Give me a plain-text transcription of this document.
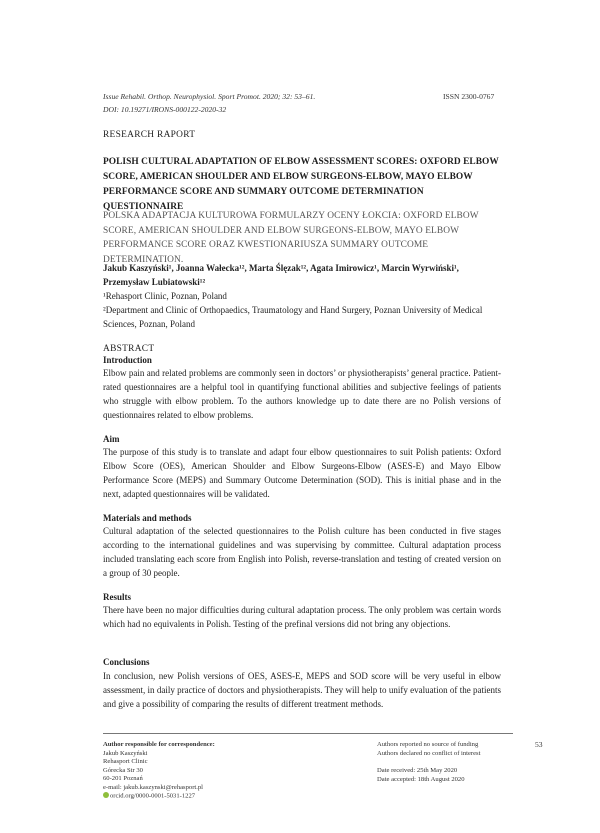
Issue Rehabil. Orthop. Neurophysiol. Sport Promot. 2020; 32: 53–61.
DOI: 10.19271/IRONS-000122-2020-32
ISSN 2300-0767
RESEARCH RAPORT
POLISH CULTURAL ADAPTATION OF ELBOW ASSESSMENT SCORES: OXFORD ELBOW SCORE, AMERICAN SHOULDER AND ELBOW SURGEONS-ELBOW, MAYO ELBOW PERFORMANCE SCORE AND SUMMARY OUTCOME DETERMINATION QUESTIONNAIRE
POLSKA ADAPTACJA KULTUROWA FORMULARZY OCENY ŁOKCIA: OXFORD ELBOW SCORE, AMERICAN SHOULDER AND ELBOW SURGEONS-ELBOW, MAYO ELBOW PERFORMANCE SCORE ORAZ KWESTIONARIUSZA SUMMARY OUTCOME DETERMINATION.
Jakub Kaszyński¹, Joanna Wałecka¹², Marta Ślęzak¹², Agata Imirowicz¹, Marcin Wyrwiński¹, Przemysław Lubiatowski¹²
¹Rehasport Clinic, Poznan, Poland
²Department and Clinic of Orthopaedics, Traumatology and Hand Surgery, Poznan University of Medical Sciences, Poznan, Poland
ABSTRACT
Introduction
Elbow pain and related problems are commonly seen in doctors’ or physiotherapists’ general practice. Patient-rated questionnaires are a helpful tool in quantifying functional abilities and subjective feelings of patients who struggle with elbow problem. To the authors knowledge up to date there are no Polish versions of questionnaires related to elbow problems.
Aim
The purpose of this study is to translate and adapt four elbow questionnaires to suit Polish patients: Oxford Elbow Score (OES), American Shoulder and Elbow Surgeons-Elbow (ASES-E) and Mayo Elbow Performance Score (MEPS) and Summary Outcome Determination (SOD). This is initial phase and in the next, adapted questionnaires will be validated.
Materials and methods
Cultural adaptation of the selected questionnaires to the Polish culture has been conducted in five stages according to the international guidelines and was supervising by committee. Cultural adaptation process included translating each score from English into Polish, reverse-translation and testing of created version on a group of 30 people.
Results
There have been no major difficulties during cultural adaptation process. The only problem was certain words which had no equivalents in Polish. Testing of the prefinal versions did not bring any objections.
Conclusions
In conclusion, new Polish versions of OES, ASES-E, MEPS and SOD score will be very useful in elbow assessment, in daily practice of doctors and physiotherapists. They will help to unify evaluation of the patients and give a possibility of comparing the results of different treatment methods.
Author responsible for correspondence:
Jakub Kaszyński
Rehasport Clinic
Górecka Str 30
60-201 Poznań
e-mail: jakub.kaszynski@rehasport.pl
orcid.org/0000-0001-5031-1227
Authors reported no source of funding
Authors declared no conflict of interest
Date received: 25th May 2020
Date accepted: 18th August 2020
53
